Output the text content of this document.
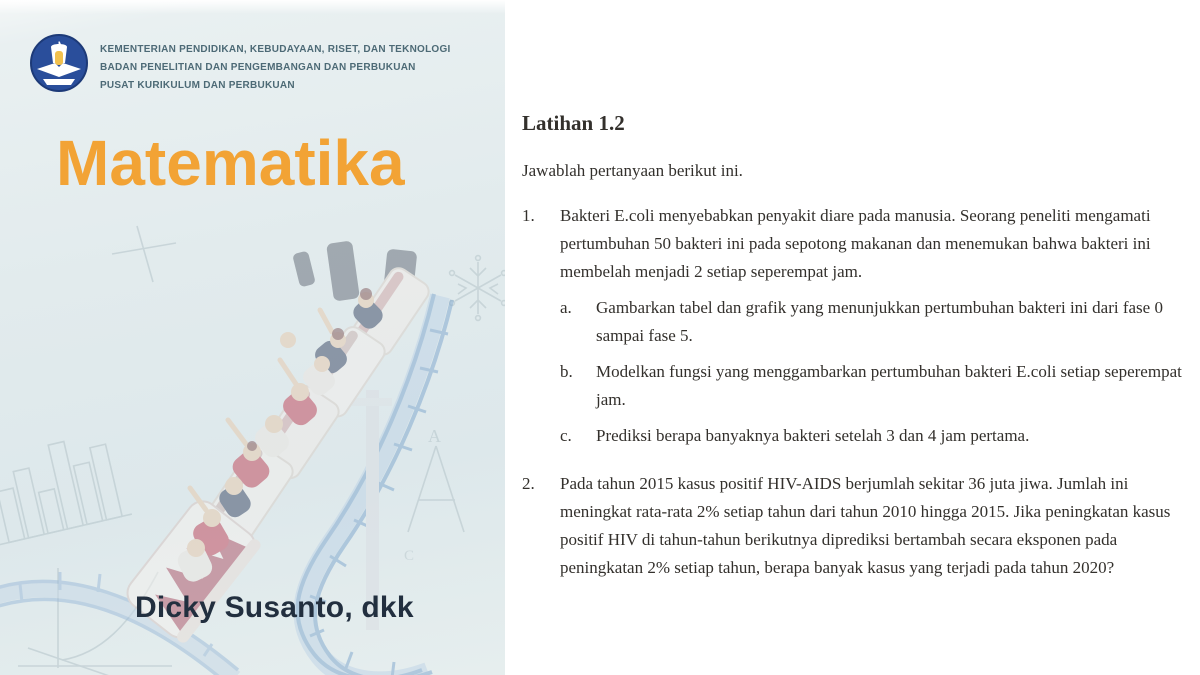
A
C
KEMENTERIAN PENDIDIKAN, KEBUDAYAAN, RISET, DAN TEKNOLOGI
BADAN PENELITIAN DAN PENGEMBANGAN DAN PERBUKUAN
PUSAT KURIKULUM DAN PERBUKUAN
Matematika
Dicky Susanto, dkk
Latihan 1.2

Jawablah pertanyaan berikut ini.

1.	Bakteri E.coli menyebabkan penyakit diare pada manusia. Seorang peneliti mengamati pertumbuhan 50 bakteri ini pada sepotong makanan dan menemukan bahwa bakteri ini membelah menjadi 2 setiap seperempat jam.
a.	Gambarkan tabel dan grafik yang menunjukkan pertumbuhan bakteri ini dari fase 0 sampai fase 5.
b.	Modelkan fungsi yang menggambarkan pertumbuhan bakteri E.coli setiap seperempat jam.
c.	Prediksi berapa banyaknya bakteri setelah 3 dan 4 jam pertama.
2.	Pada tahun 2015 kasus positif HIV-AIDS berjumlah sekitar 36 juta jiwa. Jumlah ini meningkat rata-rata 2% setiap tahun dari tahun 2010 hingga 2015. Jika peningkatan kasus positif HIV di tahun-tahun berikutnya diprediksi bertambah secara eksponen pada peningkatan 2% setiap tahun, berapa banyak kasus yang terjadi pada tahun 2020?
